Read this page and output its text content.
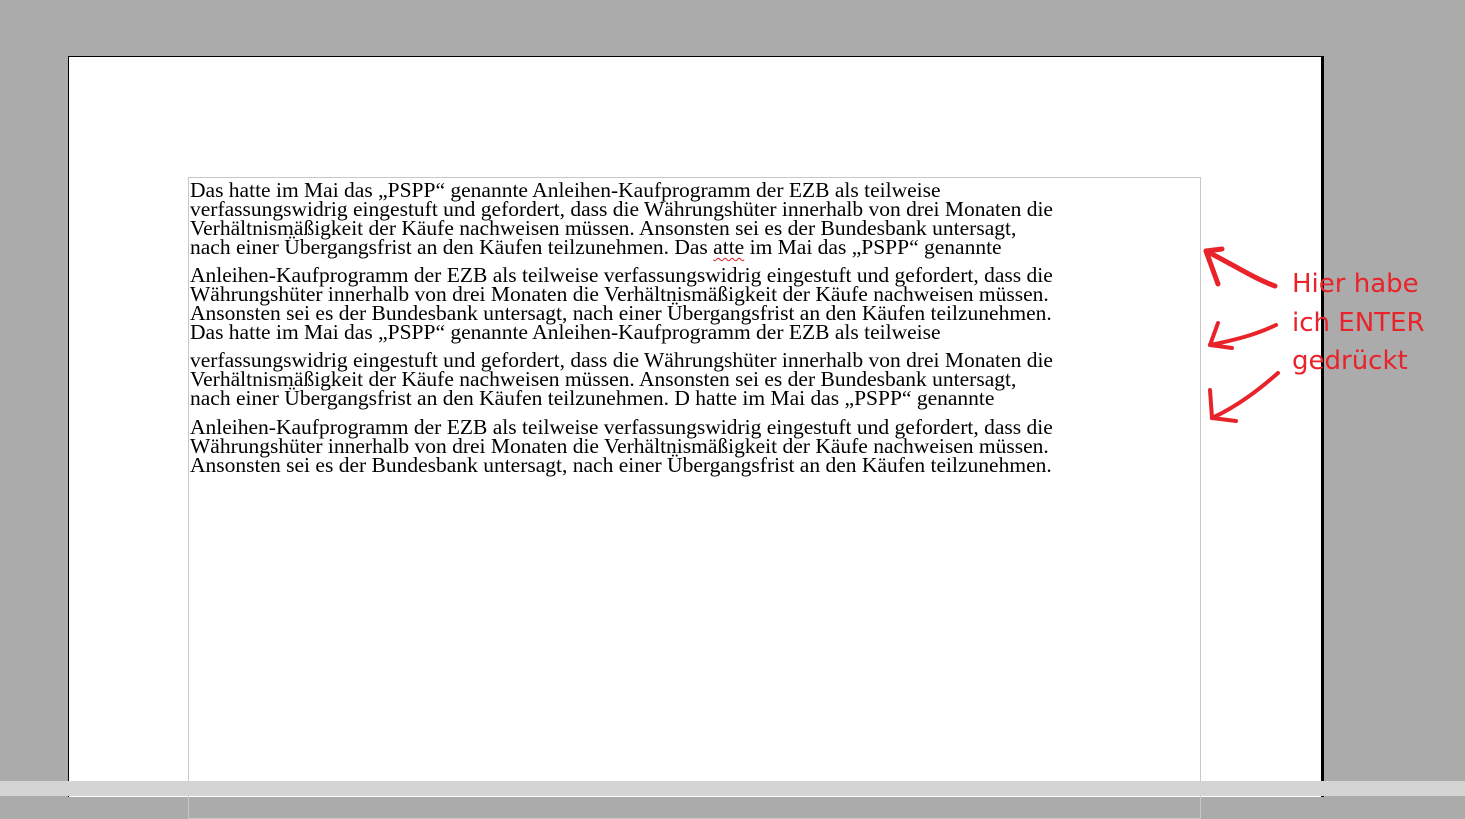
Das hatte im Mai das „PSPP“ genannte Anleihen-Kaufprogramm der EZB als teilweise
verfassungswidrig eingestuft und gefordert, dass die Währungshüter innerhalb von drei Monaten die
Verhältnismäßigkeit der Käufe nachweisen müssen. Ansonsten sei es der Bundesbank untersagt,
nach einer Übergangsfrist an den Käufen teilzunehmen. Das atte im Mai das „PSPP“ genannte

Anleihen-Kaufprogramm der EZB als teilweise verfassungswidrig eingestuft und gefordert, dass die
Währungshüter innerhalb von drei Monaten die Verhältnismäßigkeit der Käufe nachweisen müssen.
Ansonsten sei es der Bundesbank untersagt, nach einer Übergangsfrist an den Käufen teilzunehmen.
Das hatte im Mai das „PSPP“ genannte Anleihen-Kaufprogramm der EZB als teilweise

verfassungswidrig eingestuft und gefordert, dass die Währungshüter innerhalb von drei Monaten die
Verhältnismäßigkeit der Käufe nachweisen müssen. Ansonsten sei es der Bundesbank untersagt,
nach einer Übergangsfrist an den Käufen teilzunehmen. D hatte im Mai das „PSPP“ genannte

Anleihen-Kaufprogramm der EZB als teilweise verfassungswidrig eingestuft und gefordert, dass die
Währungshüter innerhalb von drei Monaten die Verhältnismäßigkeit der Käufe nachweisen müssen.
Ansonsten sei es der Bundesbank untersagt, nach einer Übergangsfrist an den Käufen teilzunehmen.

Hier habe
ich ENTER
gedrückt
